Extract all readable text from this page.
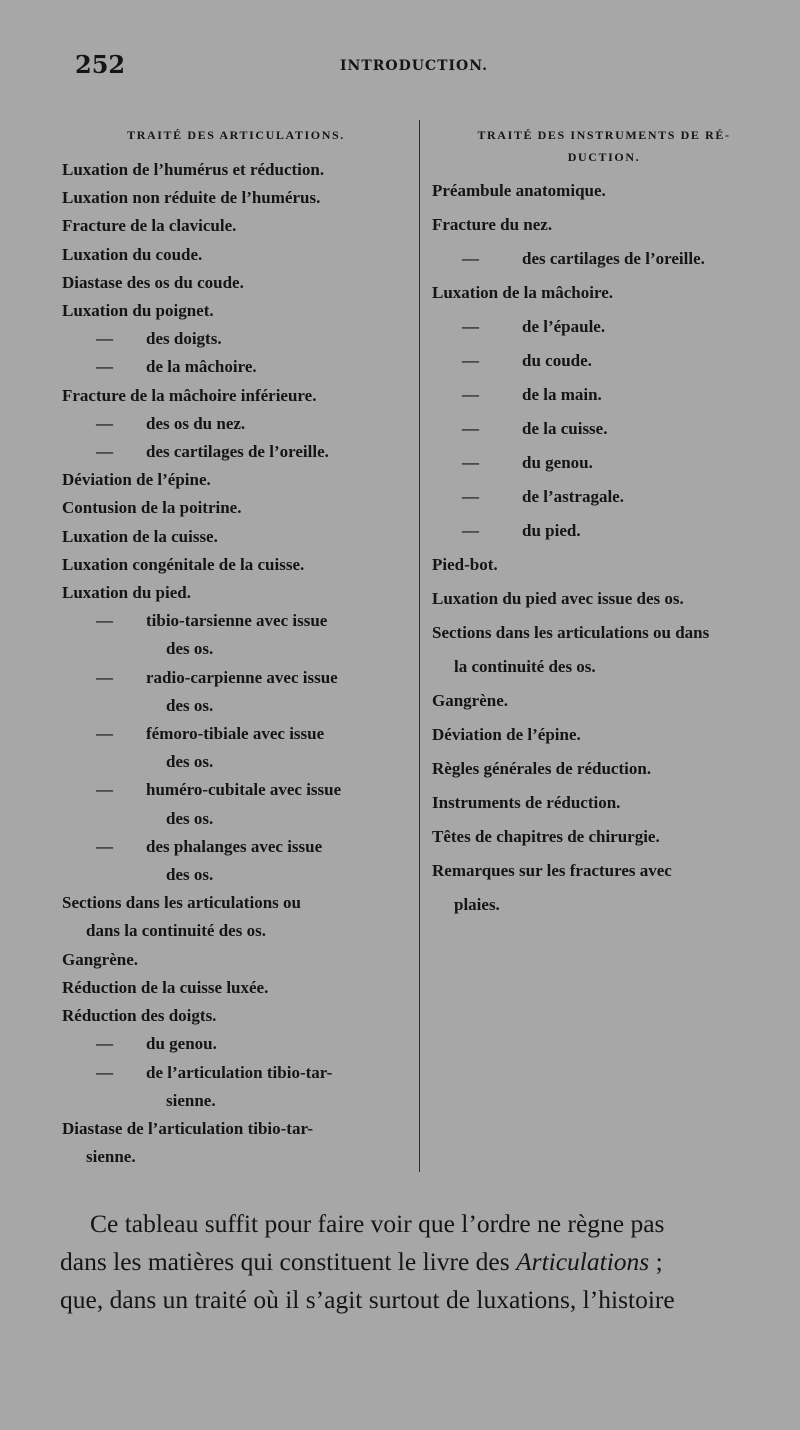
252	INTRODUCTION.
TRAITÉ DES ARTICULATIONS.
Luxation de l’humérus et réduction.
Luxation non réduite de l’humérus.
Fracture de la clavicule.
Luxation du coude.
Diastase des os du coude.
Luxation du poignet.
— des doigts.
— de la mâchoire.
Fracture de la mâchoire inférieure.
— des os du nez.
— des cartilages de l’oreille.
Déviation de l’épine.
Contusion de la poitrine.
Luxation de la cuisse.
Luxation congénitale de la cuisse.
Luxation du pied.
— tibio-tarsienne avec issue
des os.
— radio-carpienne avec issue
des os.
— fémoro-tibiale avec issue
des os.
— huméro-cubitale avec issue
des os.
— des phalanges avec issue
des os.
Sections dans les articulations ou
dans la continuité des os.
Gangrène.
Réduction de la cuisse luxée.
Réduction des doigts.
— du genou.
— de l’articulation tibio-tar-
sienne.
Diastase de l’articulation tibio-tar-
sienne.
TRAITÉ DES INSTRUMENTS DE RÉ-
DUCTION.
Préambule anatomique.
Fracture du nez.
—	des cartilages de l’oreille.
Luxation de la mâchoire.
—	de l’épaule.
—	du coude.
—	de la main.
—	de la cuisse.
—	du genou.
—	de l’astragale.
—	du pied.
Pied-bot.
Luxation du pied avec issue des os.
Sections dans les articulations ou dans
la continuité des os.
Gangrène.
Déviation de l’épine.
Règles générales de réduction.
Instruments de réduction.
Têtes de chapitres de chirurgie.
Remarques sur les fractures avec
plaies.

Ce tableau suffit pour faire voir que l’ordre ne règne pas

dans les matières qui constituent le livre des Articulations ;

que, dans un traité où il s’agit surtout de luxations, l’histoire
